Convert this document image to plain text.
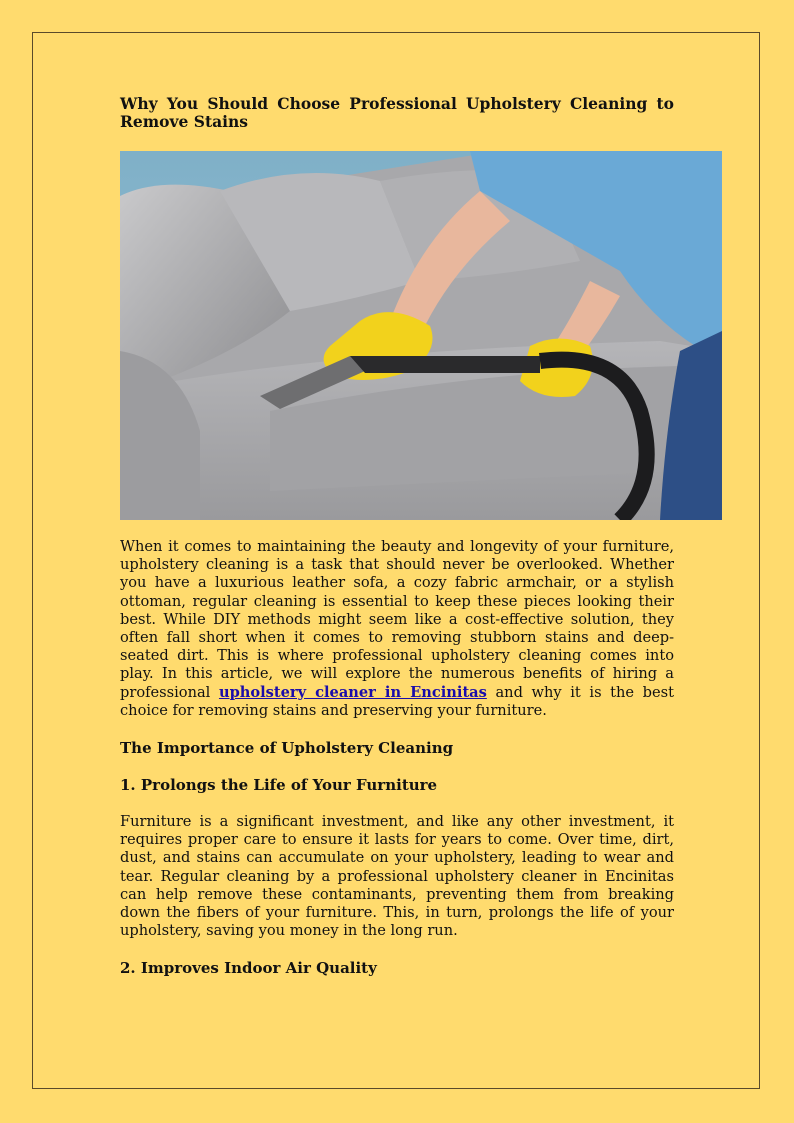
Why You Should Choose Professional Upholstery Cleaning to Remove Stains

When it comes to maintaining the beauty and longevity of your furniture, upholstery cleaning is a task that should never be overlooked. Whether you have a luxurious leather sofa, a cozy fabric armchair, or a stylish ottoman, regular cleaning is essential to keep these pieces looking their best. While DIY methods might seem like a cost-effective solution, they often fall short when it comes to removing stubborn stains and deep-seated dirt. This is where professional upholstery cleaning comes into play. In this article, we will explore the numerous benefits of hiring a professional upholstery cleaner in Encinitas and why it is the best choice for removing stains and preserving your furniture.

The Importance of Upholstery Cleaning
1. Prolongs the Life of Your Furniture

Furniture is a significant investment, and like any other investment, it requires proper care to ensure it lasts for years to come. Over time, dirt, dust, and stains can accumulate on your upholstery, leading to wear and tear. Regular cleaning by a professional upholstery cleaner in Encinitas can help remove these contaminants, preventing them from breaking down the fibers of your furniture. This, in turn, prolongs the life of your upholstery, saving you money in the long run.

2. Improves Indoor Air Quality
